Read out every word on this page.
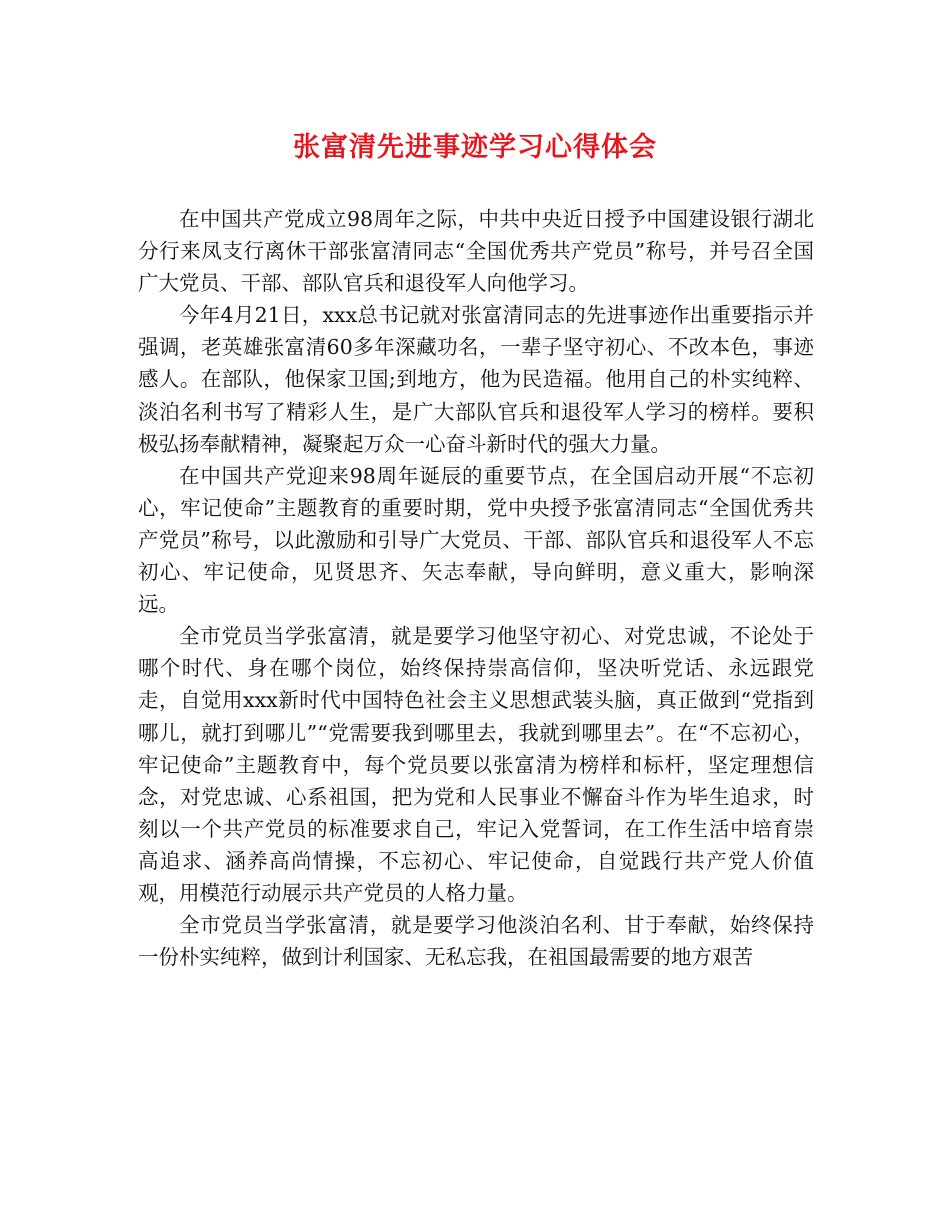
张富清先进事迹学习心得体会

在中国共产党成立98周年之际，中共中央近日授予中国建设银行湖北分行来凤支行离休干部张富清同志“全国优秀共产党员”称号，并号召全国广大党员、干部、部队官兵和退役军人向他学习。

今年4月21日，xxx总书记就对张富清同志的先进事迹作出重要指示并强调，老英雄张富清60多年深藏功名，一辈子坚守初心、不改本色，事迹感人。在部队，他保家卫国;到地方，他为民造福。他用自己的朴实纯粹、淡泊名利书写了精彩人生，是广大部队官兵和退役军人学习的榜样。要积极弘扬奉献精神，凝聚起万众一心奋斗新时代的强大力量。

在中国共产党迎来98周年诞辰的重要节点，在全国启动开展“不忘初心，牢记使命”主题教育的重要时期，党中央授予张富清同志“全国优秀共产党员”称号，以此激励和引导广大党员、干部、部队官兵和退役军人不忘初心、牢记使命，见贤思齐、矢志奉献，导向鲜明，意义重大，影响深远。

全市党员当学张富清，就是要学习他坚守初心、对党忠诚，不论处于哪个时代、身在哪个岗位，始终保持崇高信仰，坚决听党话、永远跟党走，自觉用xxx新时代中国特色社会主义思想武装头脑，真正做到“党指到哪儿，就打到哪儿”“党需要我到哪里去，我就到哪里去”。在“不忘初心，牢记使命”主题教育中，每个党员要以张富清为榜样和标杆，坚定理想信念，对党忠诚、心系祖国，把为党和人民事业不懈奋斗作为毕生追求，时刻以一个共产党员的标准要求自己，牢记入党誓词，在工作生活中培育崇高追求、涵养高尚情操，不忘初心、牢记使命，自觉践行共产党人价值观，用模范行动展示共产党员的人格力量。

全市党员当学张富清，就是要学习他淡泊名利、甘于奉献，始终保持一份朴实纯粹，做到计利国家、无私忘我，在祖国最需要的地方艰苦
